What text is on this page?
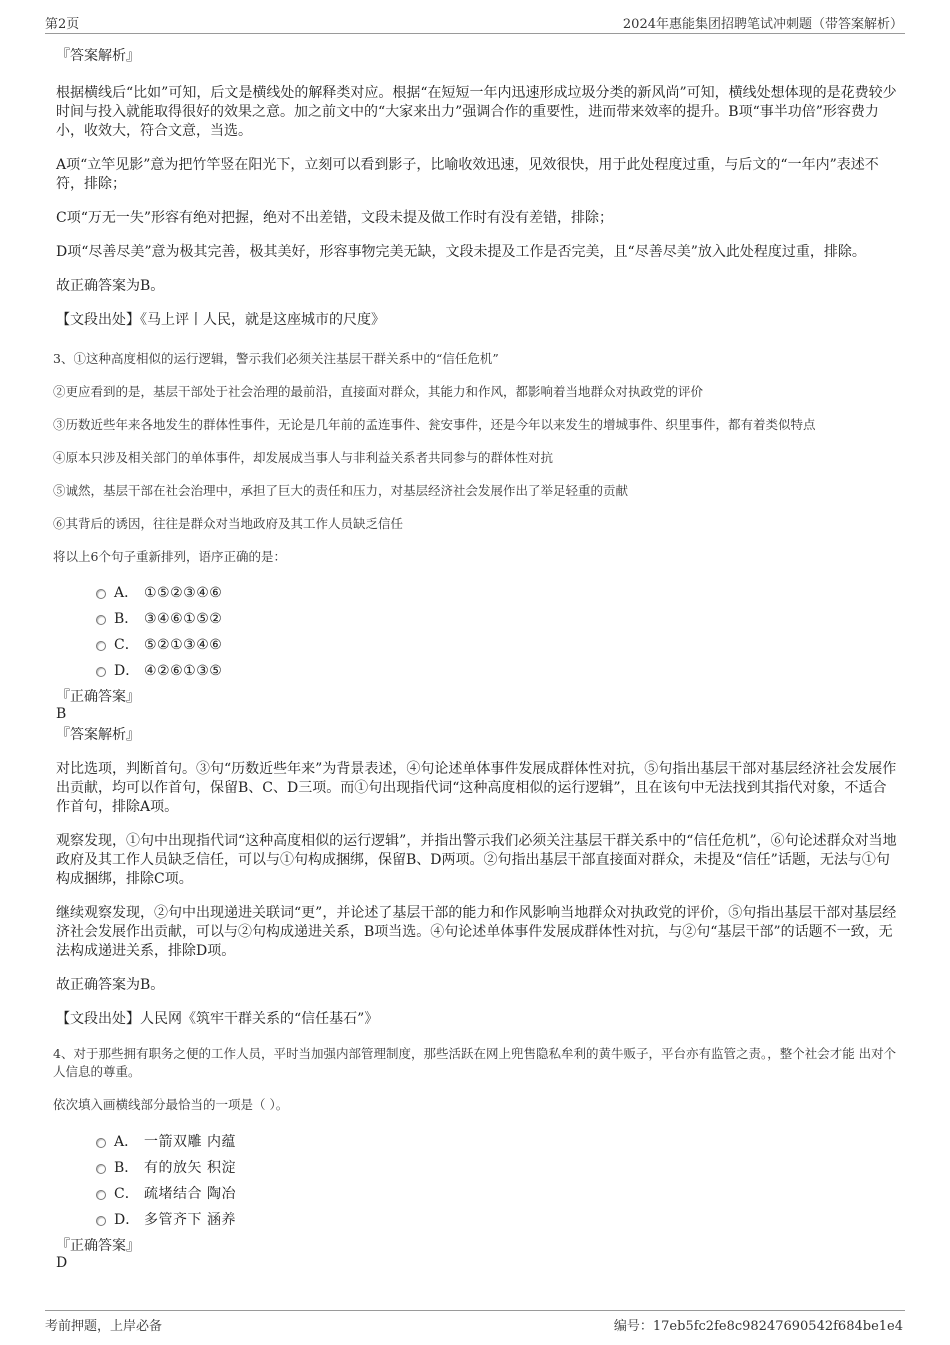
第2页	2024年惠能集团招聘笔试冲刺题（带答案解析）
『答案解析』

根据横线后“比如”可知，后文是横线处的解释类对应。根据“在短短一年内迅速形成垃圾分类的新风尚”可知，横线处想体现的是花费较少时间与投入就能取得很好的效果之意。加之前文中的“大家来出力”强调合作的重要性，进而带来效率的提升。B项“事半功倍”形容费力小，收效大，符合文意，当选。

A项“立竿见影”意为把竹竿竖在阳光下，立刻可以看到影子，比喻收效迅速，见效很快，用于此处程度过重，与后文的“一年内”表述不符，排除；

C项“万无一失”形容有绝对把握，绝对不出差错，文段未提及做工作时有没有差错，排除；

D项“尽善尽美”意为极其完善，极其美好，形容事物完美无缺，文段未提及工作是否完美，且“尽善尽美”放入此处程度过重，排除。

故正确答案为B。

【文段出处】《马上评丨人民，就是这座城市的尺度》

3、①这种高度相似的运行逻辑，警示我们必须关注基层干群关系中的“信任危机”

②更应看到的是，基层干部处于社会治理的最前沿，直接面对群众，其能力和作风，都影响着当地群众对执政党的评价

③历数近些年来各地发生的群体性事件，无论是几年前的孟连事件、瓮安事件，还是今年以来发生的增城事件、织里事件，都有着类似特点

④原本只涉及相关部门的单体事件，却发展成当事人与非利益关系者共同参与的群体性对抗

⑤诚然，基层干部在社会治理中，承担了巨大的责任和压力，对基层经济社会发展作出了举足轻重的贡献

⑥其背后的诱因，往往是群众对当地政府及其工作人员缺乏信任

将以上6个句子重新排列，语序正确的是：

A． ①⑤②③④⑥
B． ③④⑥①⑤②
C． ⑤②①③④⑥
D． ④②⑥①③⑤
『正确答案』
B
『答案解析』

对比选项，判断首句。③句“历数近些年来”为背景表述，④句论述单体事件发展成群体性对抗，⑤句指出基层干部对基层经济社会发展作出贡献，均可以作首句，保留B、C、D三项。而①句出现指代词“这种高度相似的运行逻辑”，且在该句中无法找到其指代对象，不适合作首句，排除A项。

观察发现，①句中出现指代词“这种高度相似的运行逻辑”，并指出警示我们必须关注基层干群关系中的“信任危机”，⑥句论述群众对当地政府及其工作人员缺乏信任，可以与①句构成捆绑，保留B、D两项。②句指出基层干部直接面对群众，未提及“信任”话题，无法与①句构成捆绑，排除C项。

继续观察发现，②句中出现递进关联词“更”，并论述了基层干部的能力和作风影响当地群众对执政党的评价，⑤句指出基层干部对基层经济社会发展作出贡献，可以与②句构成递进关系，B项当选。④句论述单体事件发展成群体性对抗，与②句“基层干部”的话题不一致，无法构成递进关系，排除D项。

故正确答案为B。

【文段出处】人民网《筑牢干群关系的“信任基石”》

4、对于那些拥有职务之便的工作人员，平时当加强内部管理制度，那些活跃在网上兜售隐私牟利的黄牛贩子，平台亦有监管之责。，整个社会才能 出对个人信息的尊重。

依次填入画横线部分最恰当的一项是（ ）。

A． 一箭双雕 内蕴
B． 有的放矢 积淀
C． 疏堵结合 陶冶
D． 多管齐下 涵养
『正确答案』
D
考前押题，上岸必备	编号：17eb5fc2fe8c98247690542f684be1e4
